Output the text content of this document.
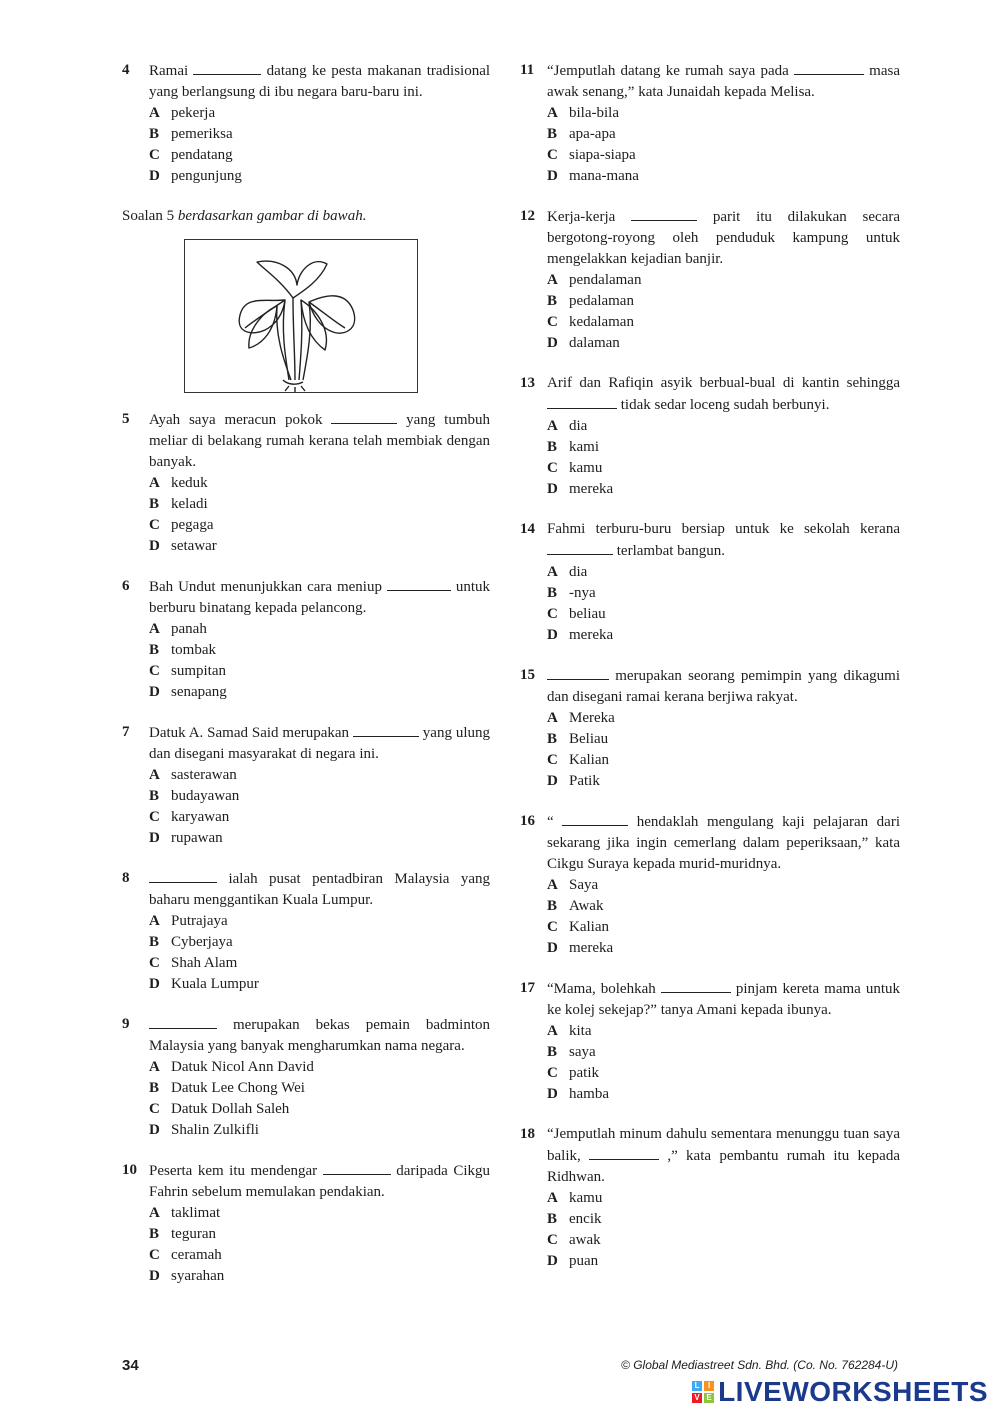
4 Ramai	datang ke pesta makanan tradisional yang berlangsung di ibu negara baru-baru ini.
A pekerja
B pemeriksa
C pendatang
D pengunjung
Soalan 5 berdasarkan gambar di bawah.
5 Ayah saya meracun pokok	yang tumbuh meliar di belakang rumah kerana telah membiak dengan banyak.
A keduk
B keladi
C pegaga
D setawar
6 Bah Undut menunjukkan cara meniup	untuk berburu binatang kepada pelancong.
A panah
B tombak
C sumpitan
D senapang
7 Datuk A. Samad Said merupakan	yang ulung dan disegani masyarakat di negara ini.
A sasterawan
B budayawan
C karyawan
D rupawan
8	ialah pusat pentadbiran Malaysia yang baharu menggantikan Kuala Lumpur.
A Putrajaya
B Cyberjaya
C Shah Alam
D Kuala Lumpur
9	merupakan bekas pemain badminton Malaysia yang banyak mengharumkan nama negara.
A Datuk Nicol Ann David
B Datuk Lee Chong Wei
C Datuk Dollah Saleh
D Shalin Zulkifli
10 Peserta kem itu mendengar	daripada Cikgu Fahrin sebelum memulakan pendakian.
A taklimat
B teguran
C ceramah
D syarahan
11 “Jemputlah datang ke rumah saya pada	masa awak senang,” kata Junaidah kepada Melisa.
A bila-bila
B apa-apa
C siapa-siapa
D mana-mana
12 Kerja-kerja	parit itu dilakukan secara bergotong-royong oleh penduduk kampung untuk mengelakkan kejadian banjir.
A pendalaman
B pedalaman
C kedalaman
D dalaman
13 Arif dan Rafiqin asyik berbual-bual di kantin sehingga  tidak sedar loceng sudah berbunyi.
A dia
B kami
C kamu
D mereka
14 Fahmi terburu-buru bersiap untuk ke sekolah kerana  terlambat bangun.
A dia
B -nya
C beliau
D mereka
15	merupakan seorang pemimpin yang dikagumi dan disegani ramai kerana berjiwa rakyat.
A Mereka
B Beliau
C Kalian
D Patik
16 “	hendaklah mengulang kaji pelajaran dari sekarang jika ingin cemerlang dalam peperiksaan,” kata Cikgu Suraya kepada murid-muridnya.
A Saya
B Awak
C Kalian
D mereka
17 “Mama, bolehkah	pinjam kereta mama untuk ke kolej sekejap?” tanya Amani kepada ibunya.
A kita
B saya
C patik
D hamba
18 “Jemputlah minum dahulu sementara menunggu tuan saya balik,	,” kata pembantu rumah itu kepada Ridhwan.
A kamu
B encik
C awak
D puan
34	© Global Mediastreet Sdn. Bhd. (Co. No. 762284-U)
L	I
V E LIVEWORKSHEETS
